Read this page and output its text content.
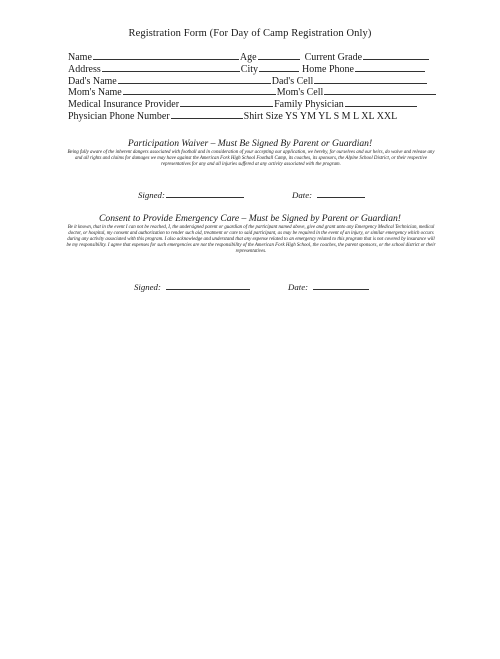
Registration Form (For Day of Camp Registration Only)
Name	Age	Current Grade
Address	City	Home Phone
Dad's Name	Dad's Cell
Mom's Name	Mom's Cell
Medical Insurance Provider	Family Physician
Physician Phone Number	Shirt Size YS YM YL S M L XL XXL
Participation Waiver – Must Be Signed By Parent or Guardian!
Being fully aware of the inherent dangers associated with football and in consideration of your accepting our application, we hereby, for ourselves and our heirs, do waive and release any and all rights and claims for damages we may have against the American Fork High School Football Camp, its coaches, its sponsors, the Alpine School District, or their respective representatives for any and all injuries suffered at any activity associated with the program.
Signed:	Date:
Consent to Provide Emergency Care – Must be Signed by Parent or Guardian!
Be it known, that in the event I can not be reached, I, the undersigned parent or guardian of the participant named above, give and grant unto any Emergency Medical Technician, medical doctor, or hospital, my consent and authorization to render such aid, treatment or care to said participant, as may be required in the event of an injury, or similar emergency which occurs during any activity associated with this program. I also acknowledge and understand that any expense related to an emergency related to this program that is not covered by insurance will be my responsibility. I agree that expenses for such emergencies are not the responsibility of the American Fork High School, the coaches, the parent sponsors, or the school district or their representatives.
Signed:	Date:
